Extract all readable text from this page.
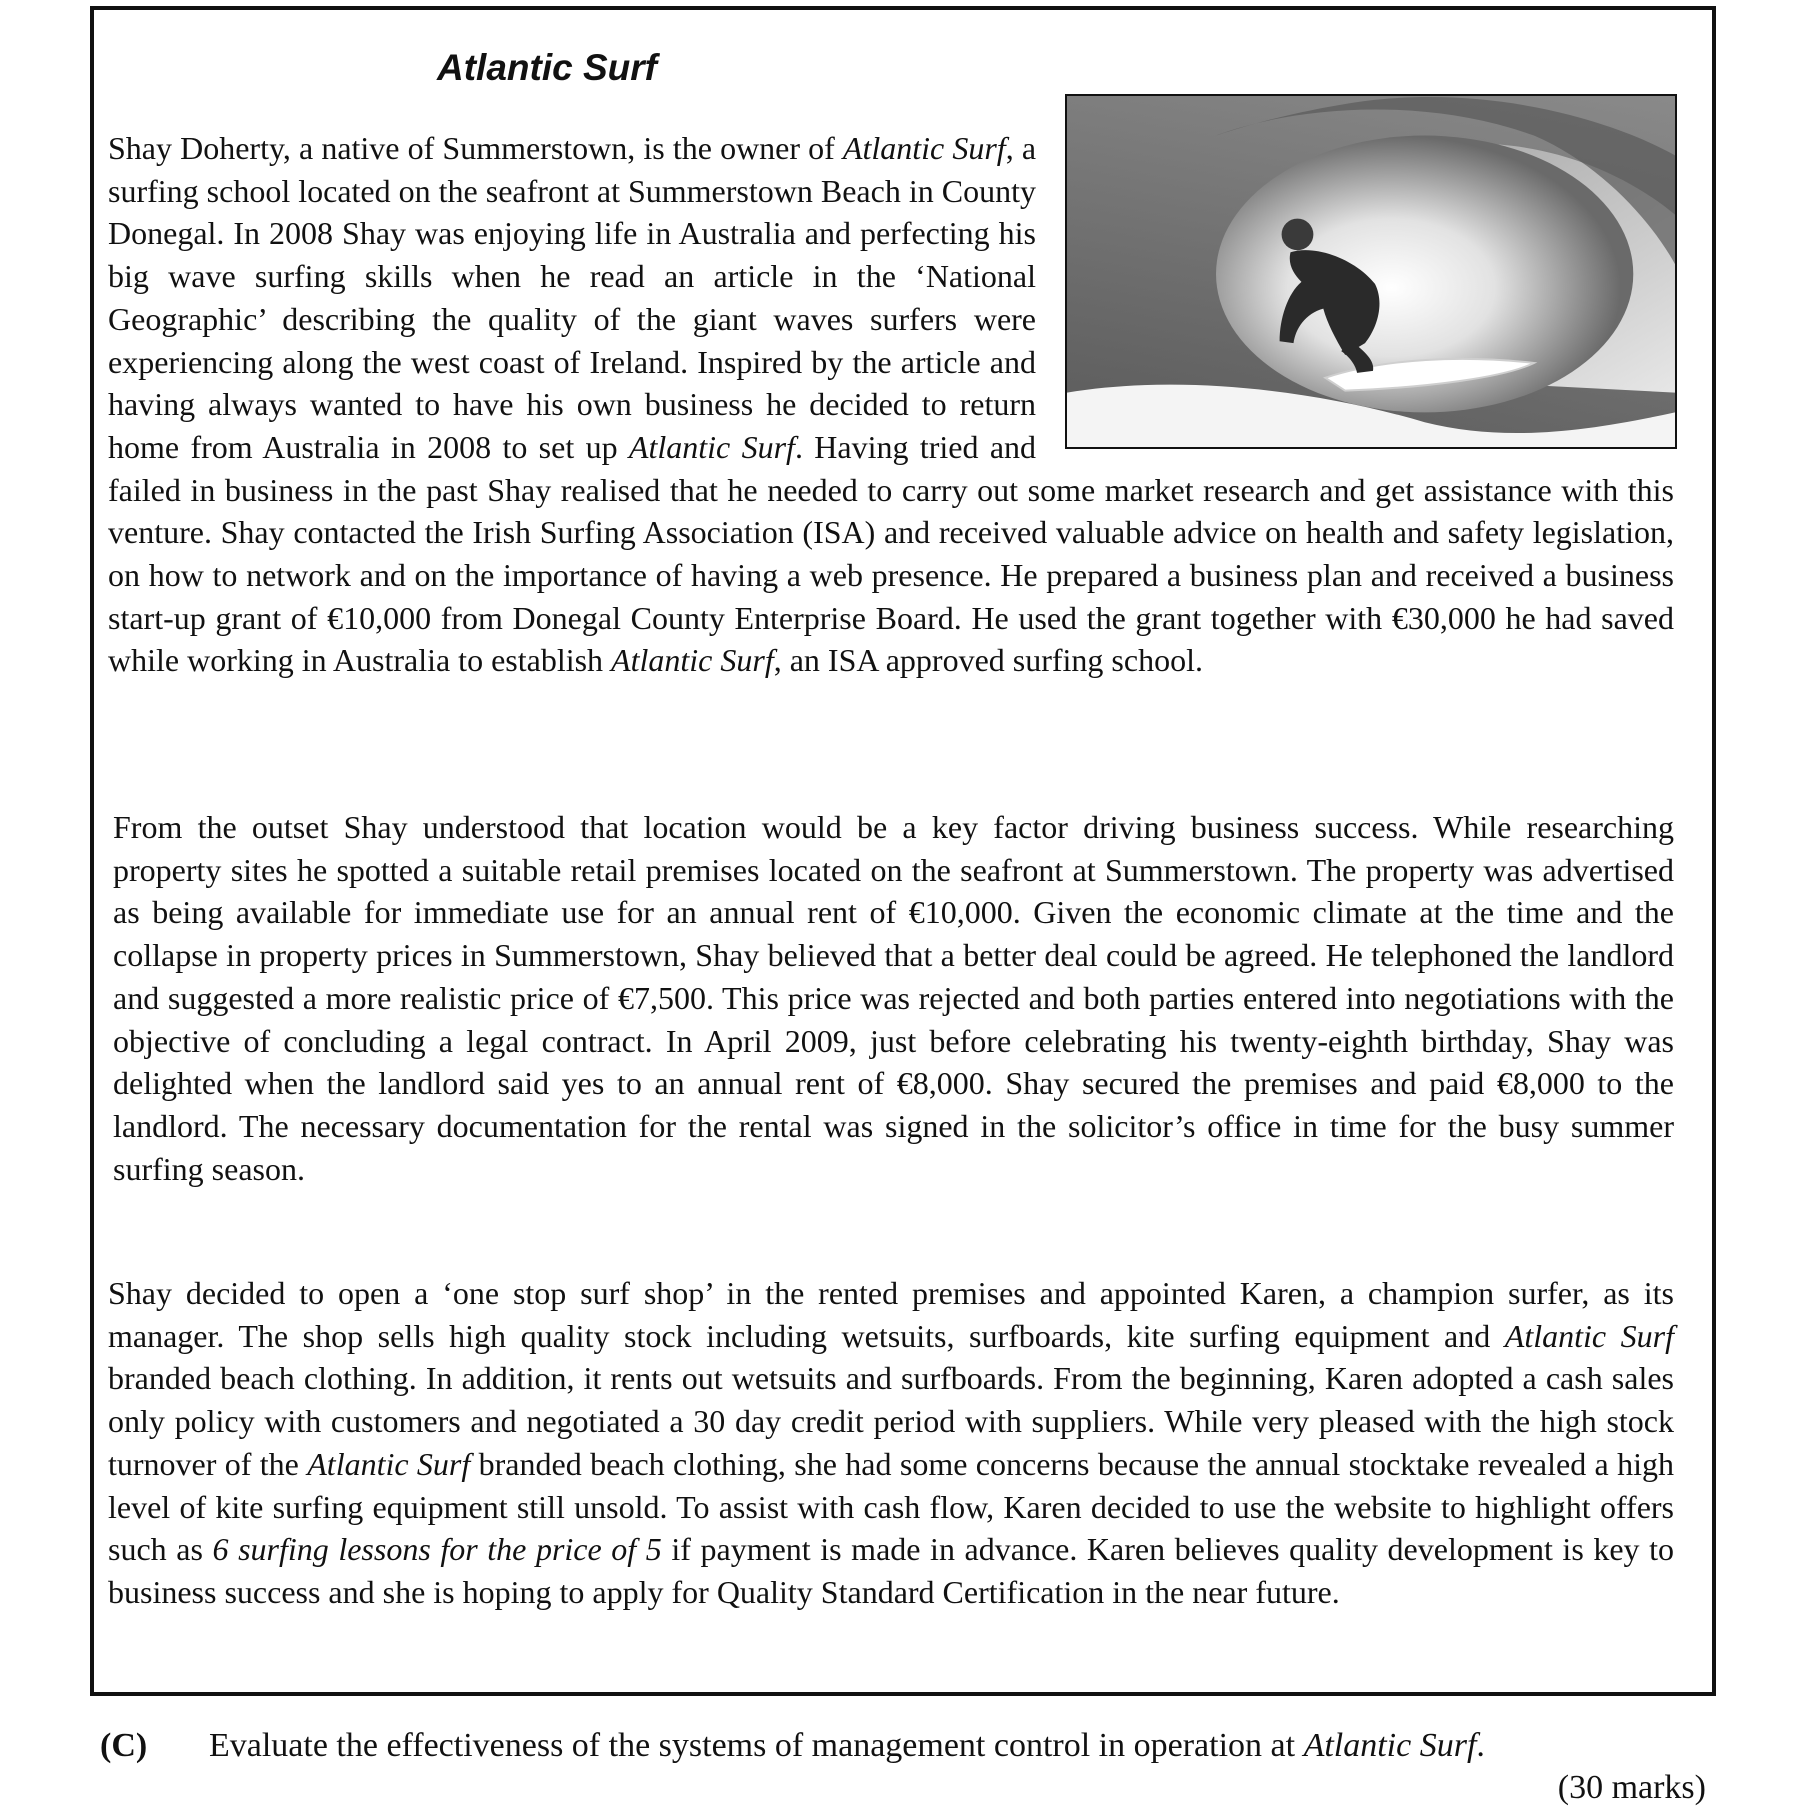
Atlantic Surf
Shay Doherty, a native of Summerstown, is the owner of Atlantic Surf, a surfing school located on the seafront at Summerstown Beach in County Donegal. In 2008 Shay was enjoying life in Australia and perfecting his big wave surfing skills when he read an article in the ‘National Geographic’ describing the quality of the giant waves surfers were experiencing along the west coast of Ireland. Inspired by the article and having always wanted to have his own business he decided to return home from Australia in 2008 to set up Atlantic Surf. Having tried and failed in business in the past Shay realised that he needed to carry out some market research and get assistance with this venture. Shay contacted the Irish Surfing Association (ISA) and received valuable advice on health and safety legislation, on how to network and on the importance of having a web presence. He prepared a business plan and received a business start-up grant of €10,000 from Donegal County Enterprise Board. He used the grant together with €30,000 he had saved while working in Australia to establish Atlantic Surf, an ISA approved surfing school.
From the outset Shay understood that location would be a key factor driving business success. While researching property sites he spotted a suitable retail premises located on the seafront at Summerstown. The property was advertised as being available for immediate use for an annual rent of €10,000. Given the economic climate at the time and the collapse in property prices in Summerstown, Shay believed that a better deal could be agreed. He telephoned the landlord and suggested a more realistic price of €7,500. This price was rejected and both parties entered into negotiations with the objective of concluding a legal contract. In April 2009, just before celebrating his twenty-eighth birthday, Shay was delighted when the landlord said yes to an annual rent of €8,000. Shay secured the premises and paid €8,000 to the landlord. The necessary documentation for the rental was signed in the solicitor’s office in time for the busy summer surfing season.
Shay decided to open a ‘one stop surf shop’ in the rented premises and appointed Karen, a champion surfer, as its manager. The shop sells high quality stock including wetsuits, surfboards, kite surfing equipment and Atlantic Surf branded beach clothing. In addition, it rents out wetsuits and surfboards. From the beginning, Karen adopted a cash sales only policy with customers and negotiated a 30 day credit period with suppliers. While very pleased with the high stock turnover of the Atlantic Surf branded beach clothing, she had some concerns because the annual stocktake revealed a high level of kite surfing equipment still unsold. To assist with cash flow, Karen decided to use the website to highlight offers such as 6 surfing lessons for the price of 5 if payment is made in advance. Karen believes quality development is key to business success and she is hoping to apply for Quality Standard Certification in the near future.
(C) Evaluate the effectiveness of the systems of management control in operation at Atlantic Surf.
(30 marks)
